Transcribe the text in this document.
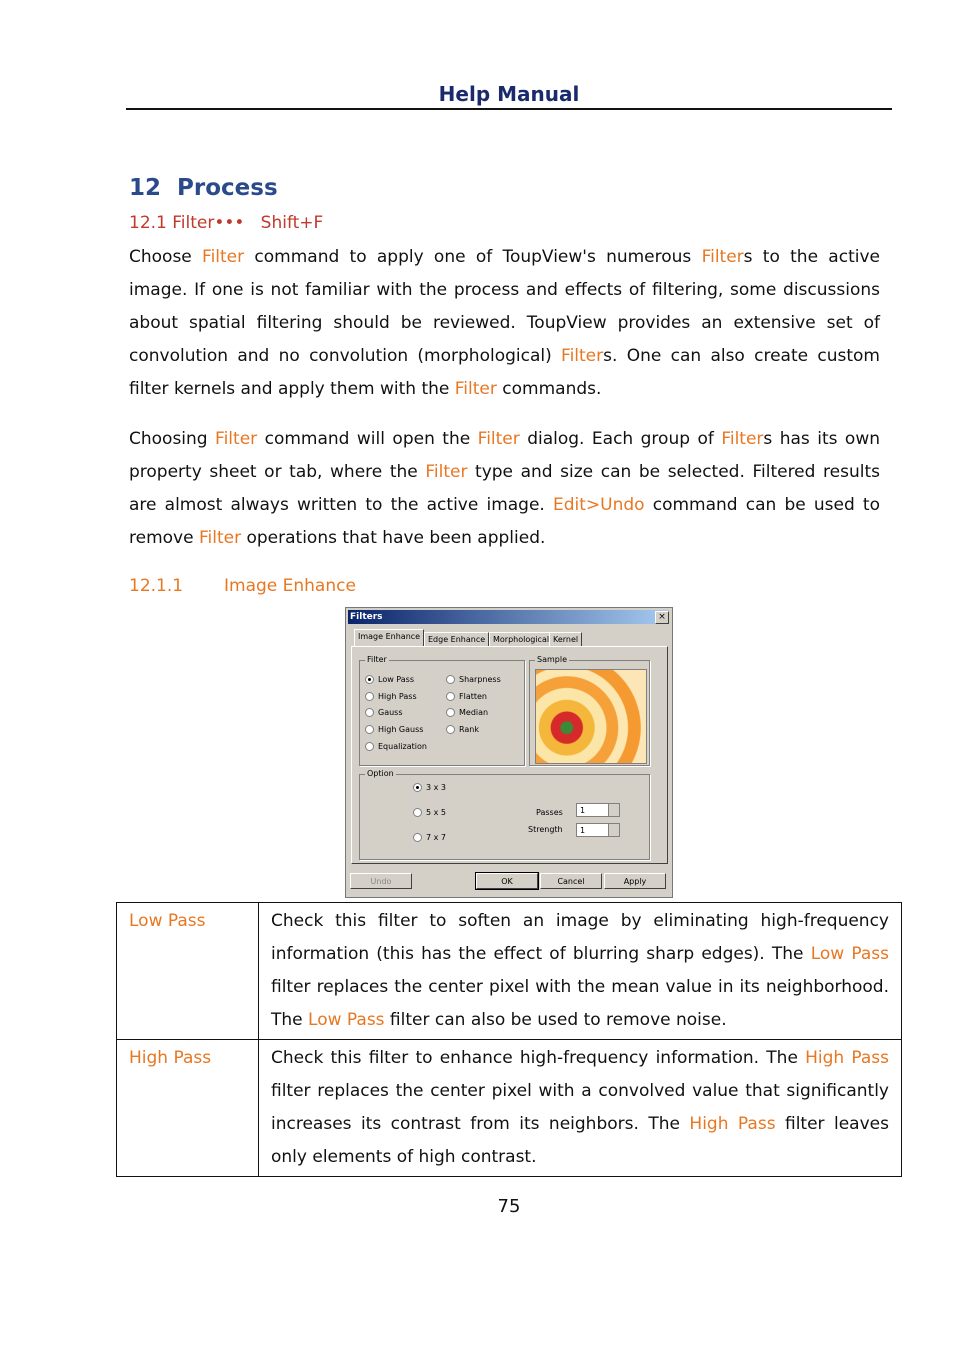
Help Manual
12  Process
12.1 Filter•••   Shift+F

Choose Filter command to apply one of ToupView's numerous Filters to the active image. If one is not familiar with the process and effects of filtering, some discussions about spatial filtering should be reviewed. ToupView provides an extensive set of convolution and no convolution (morphological) Filters. One can also create custom filter kernels and apply them with the Filter commands.

Choosing Filter command will open the Filter dialog. Each group of Filters has its own property sheet or tab, where the Filter type and size can be selected. Filtered results are almost always written to the active image. Edit>Undo command can be used to remove Filter operations that have been applied.

12.1.1 Image Enhance
Filters	×
Image Enhance Edge Enhance Morphological Kernel
Filter
Low Pass
High Pass
Gauss
High Gauss
Equalization
Sharpness
Flatten
Median
Rank
Sample
Option
3 x 3
5 x 5
7 x 7
Passes	1
Strength	1
Undo	OK	Cancel	Apply
Low Pass	Check this filter to soften an image by eliminating high-frequency information (this has the effect of blurring sharp edges). The Low Pass filter replaces the center pixel with the mean value in its neighborhood. The Low Pass filter can also be used to remove noise.
High Pass	Check this filter to enhance high-frequency information. The High Pass filter replaces the center pixel with a convolved value that significantly increases its contrast from its neighbors. The High Pass filter leaves only elements of high contrast.
75
